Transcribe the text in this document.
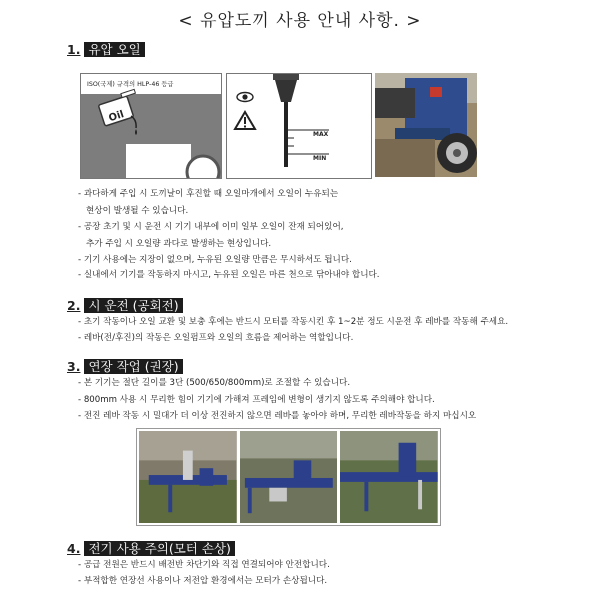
< 유압도끼 사용 안내 사항. >
1. 유압 오일
Oil
ISO(국제) 규격의 HLP-46 등급
MAX
MIN
- 과다하게 주입 시 도끼날이 후진할 때 오일마개에서 오일이 누유되는
현상이 발생될 수 있습니다.
- 공장 초기 및 시 운전 시 기기 내부에 이미 일부 오일이 잔재 되어있어,
추가 주입 시 오일량 과다로 발생하는 현상입니다.
- 기기 사용에는 지장이 없으며, 누유된 오일량 만큼은 무시하셔도 됩니다.
- 실내에서 기기를 작동하지 마시고, 누유된 오일은 마른 천으로 닦아내야 합니다.
2. 시 운전 (공회전)
- 초기 작동이나 오일 교환 및 보충 후에는 반드시 모터를 작동시킨 후 1~2분 정도 시운전 후 레바를 작동해 주세요.
- 레바(전/후진)의 작동은 오일펌프와 오일의 흐름을 제어하는 역할입니다.
3. 연장 작업 (권장)
- 본 기기는 절단 길이를 3단 (500/650/800mm)로 조절할 수 있습니다.
- 800mm 사용 시 무리한 힘이 기기에 가해져 프레임에 변형이 생기지 않도록 주의해야 합니다.
- 전진 레바 작동 시 밀대가 더 이상 전진하지 않으면 레바를 놓아야 하며, 무리한 레바작동을 하지 마십시오
4. 전기 사용 주의(모터 손상)
- 공급 전원은 반드시 배전반 차단기와 직접 연결되어야 안전합니다.
- 부적합한 연장선 사용이나 저전압 환경에서는 모터가 손상됩니다.
